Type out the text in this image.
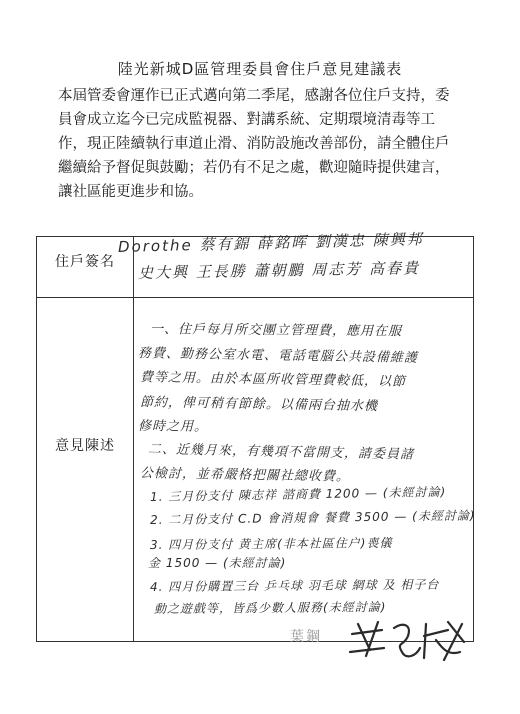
陸光新城D區管理委員會住戶意見建議表
本屆管委會運作已正式邁向第二季尾，感謝各位住戶支持，委
員會成立迄今已完成監視器、對講系統、定期環境清毒等工
作，現正陸續執行車道止滑、消防設施改善部份，請全體住戶
繼續給予督促與鼓勵；若仍有不足之處，歡迎隨時提供建言，
讓社區能更進步和協。
住戶簽名
意見陳述
Dorothe 蔡有錦 薛銘晖 劉漢忠 陳興邦
史大興 王長勝 蕭朝鵬 周志芳 高春貴
一、住戶每月所交團立管理費，應用在服
務費、勤務公室水電、電話電腦公共設備維護
費等之用。由於本區所收管理費較低，以節
節約，俾可稍有節餘。以備兩台抽水機
修時之用。
二、近幾月來，有幾項不當開支，請委員諸
公檢討，並希嚴格把關社總收費。
1. 三月份支付 陳志祥 諮商費 1200 — (未經討論)
2. 二月份支付 C.D 會消規會 餐費 3500 — (未經討論)
3. 四月份支付 黄主席(非本社區住户)喪儀
金 1500 — (未經討論)
4. 四月份購置三台 乒乓球 羽毛球 網球 及 相子台
動之遊戲等，皆爲少數人服務(未經討論)
葉鋼
